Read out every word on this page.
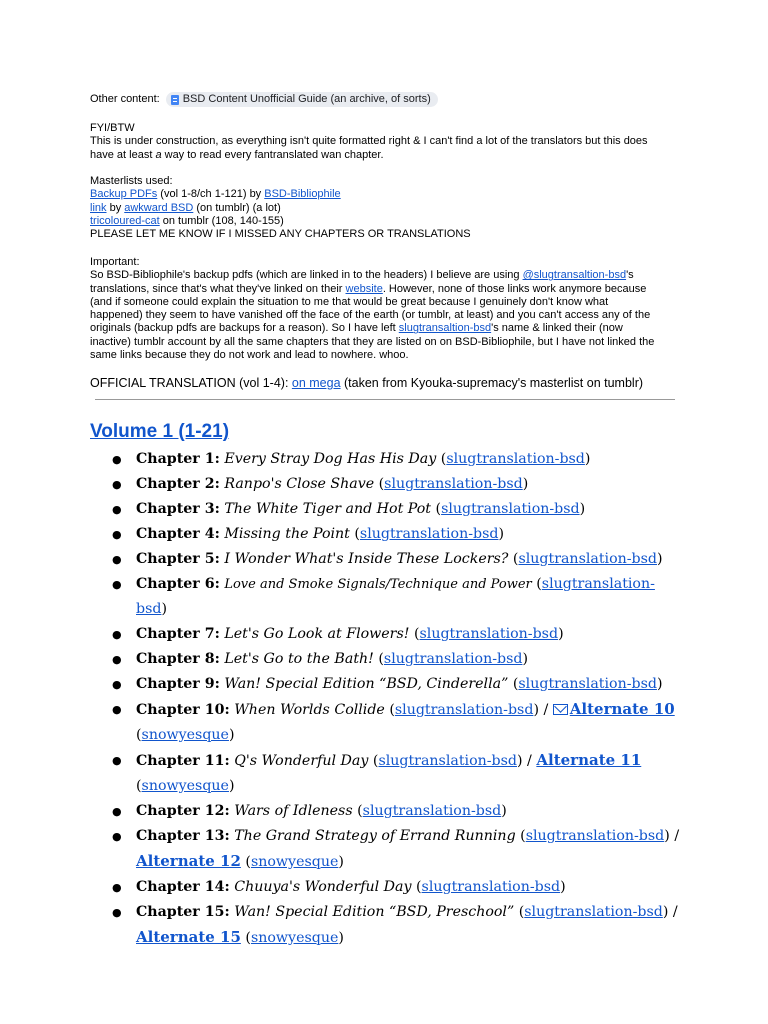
Other content: BSD Content Unofficial Guide (an archive, of sorts)
FYI/BTW
This is under construction, as everything isn't quite formatted right & I can't find a lot of the translators but this does
have at least a way to read every fantranslated wan chapter.
Masterlists used:
Backup PDFs (vol 1-8/ch 1-121) by BSD-Bibliophile
link by awkward BSD (on tumblr) (a lot)
tricoloured-cat on tumblr (108, 140-155)
PLEASE LET ME KNOW IF I MISSED ANY CHAPTERS OR TRANSLATIONS
Important:
So BSD-Bibliophile's backup pdfs (which are linked in to the headers) I believe are using @slugtransaltion-bsd's
translations, since that's what they've linked on their website. However, none of those links work anymore because
(and if someone could explain the situation to me that would be great because I genuinely don't know what
happened) they seem to have vanished off the face of the earth (or tumblr, at least) and you can't access any of the
originals (backup pdfs are backups for a reason). So I have left slugtransaltion-bsd's name & linked their (now
inactive) tumblr account by all the same chapters that they are listed on on BSD-Bibliophile, but I have not linked the
same links because they do not work and lead to nowhere. whoo.
OFFICIAL TRANSLATION (vol 1-4): on mega (taken from Kyouka-supremacy's masterlist on tumblr)
Volume 1 (1-21)
● Chapter 1: Every Stray Dog Has His Day (slugtranslation-bsd)
● Chapter 2: Ranpo's Close Shave (slugtranslation-bsd)
● Chapter 3: The White Tiger and Hot Pot (slugtranslation-bsd)
● Chapter 4: Missing the Point (slugtranslation-bsd)
● Chapter 5: I Wonder What's Inside These Lockers? (slugtranslation-bsd)
● Chapter 6: Love and Smoke Signals/Technique and Power (slugtranslation-bsd)
● Chapter 7: Let's Go Look at Flowers! (slugtranslation-bsd)
● Chapter 8: Let's Go to the Bath! (slugtranslation-bsd)
● Chapter 9: Wan! Special Edition “BSD, Cinderella” (slugtranslation-bsd)
● Chapter 10: When Worlds Collide (slugtranslation-bsd) / Alternate 10 (snowyesque)
● Chapter 11: Q's Wonderful Day (slugtranslation-bsd) / Alternate 11 (snowyesque)
● Chapter 12: Wars of Idleness (slugtranslation-bsd)
● Chapter 13: The Grand Strategy of Errand Running (slugtranslation-bsd) / Alternate 12 (snowyesque)
● Chapter 14: Chuuya's Wonderful Day (slugtranslation-bsd)
● Chapter 15: Wan! Special Edition “BSD, Preschool” (slugtranslation-bsd) / Alternate 15 (snowyesque)
